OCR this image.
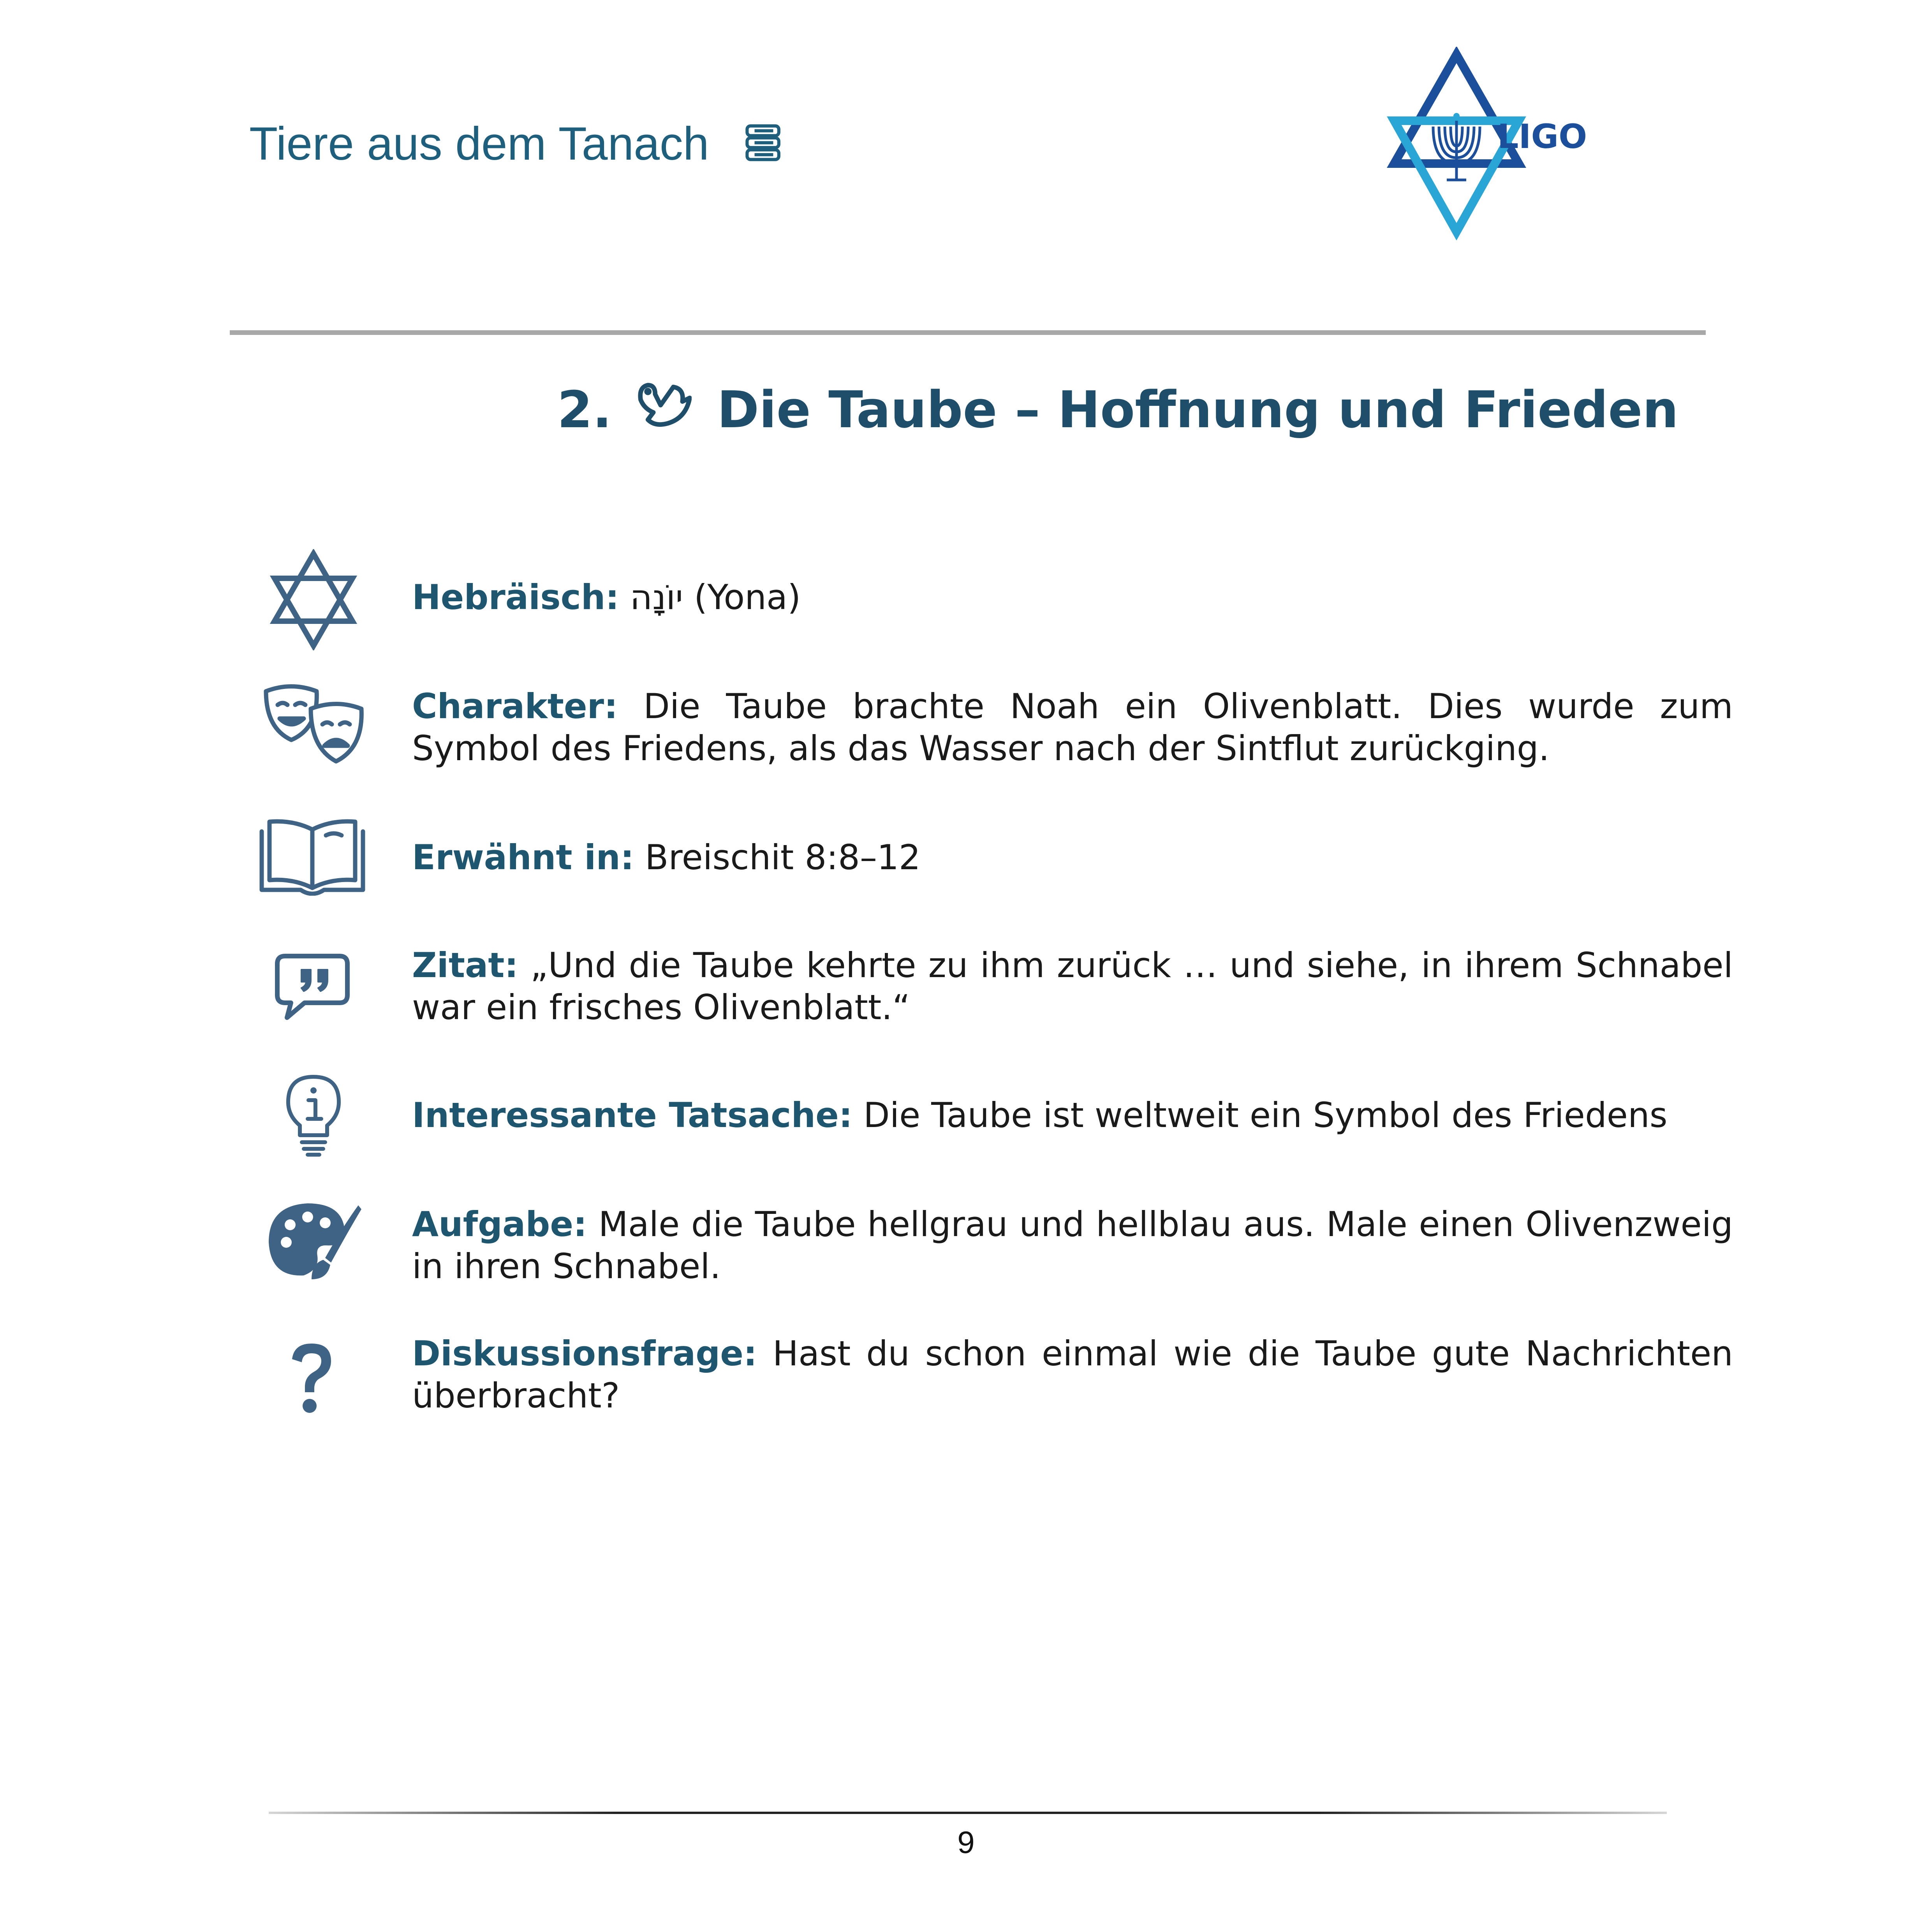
Tiere aus dem Tanach	LIGO
2. Die Taube – Hoffnung und Frieden
Hebräisch: יוֹנָה (Yona)
Charakter: Die Taube brachte Noah ein Olivenblatt. Dies wurde zum Symbol des Friedens, als das Wasser nach der Sintflut zurückging.
Erwähnt in: Breischit 8:8–12
Zitat: „Und die Taube kehrte zu ihm zurück … und siehe, in ihrem Schnabel war ein frisches Olivenblatt.“
Interessante Tatsache: Die Taube ist weltweit ein Symbol des Friedens
Aufgabe: Male die Taube hellgrau und hellblau aus. Male einen Olivenzweig in ihren Schnabel.
Diskussionsfrage: Hast du schon einmal wie die Taube gute Nachrichten überbracht?
9
